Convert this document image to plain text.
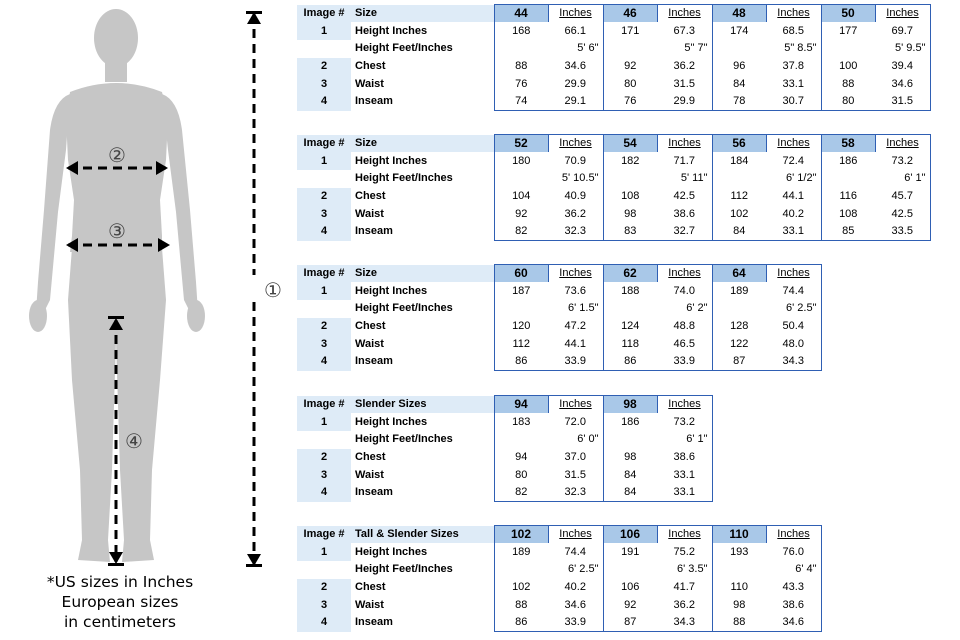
②
③
④
①
*US sizes in Inches
European sizes
in centimeters
Image #	Size	44	Inches	46	Inches	48	Inches	50	Inches
1	Height Inches	168	66.1	171	67.3	174	68.5	177	69.7
	Height Feet/Inches		5' 6"		5" 7"		5" 8.5"		5' 9.5"
2	Chest	88	34.6	92	36.2	96	37.8	100	39.4
3	Waist	76	29.9	80	31.5	84	33.1	88	34.6
4	Inseam	74	29.1	76	29.9	78	30.7	80	31.5
Image #	Size	52	Inches	54	Inches	56	Inches	58	Inches
1	Height Inches	180	70.9	182	71.7	184	72.4	186	73.2
	Height Feet/Inches		5' 10.5"		5' 11"		6' 1/2"		6' 1"
2	Chest	104	40.9	108	42.5	112	44.1	116	45.7
3	Waist	92	36.2	98	38.6	102	40.2	108	42.5
4	Inseam	82	32.3	83	32.7	84	33.1	85	33.5
Image #	Size	60	Inches	62	Inches	64	Inches
1	Height Inches	187	73.6	188	74.0	189	74.4
	Height Feet/Inches		6' 1.5"		6' 2"		6' 2.5"
2	Chest	120	47.2	124	48.8	128	50.4
3	Waist	112	44.1	118	46.5	122	48.0
4	Inseam	86	33.9	86	33.9	87	34.3
Image #	Slender Sizes	94	Inches	98	Inches
1	Height Inches	183	72.0	186	73.2
	Height Feet/Inches		6' 0"		6' 1"
2	Chest	94	37.0	98	38.6
3	Waist	80	31.5	84	33.1
4	Inseam	82	32.3	84	33.1
Image #	Tall & Slender Sizes	102	Inches	106	Inches	110	Inches
1	Height Inches	189	74.4	191	75.2	193	76.0
	Height Feet/Inches		6' 2.5"		6' 3.5"		6' 4"
2	Chest	102	40.2	106	41.7	110	43.3
3	Waist	88	34.6	92	36.2	98	38.6
4	Inseam	86	33.9	87	34.3	88	34.6
